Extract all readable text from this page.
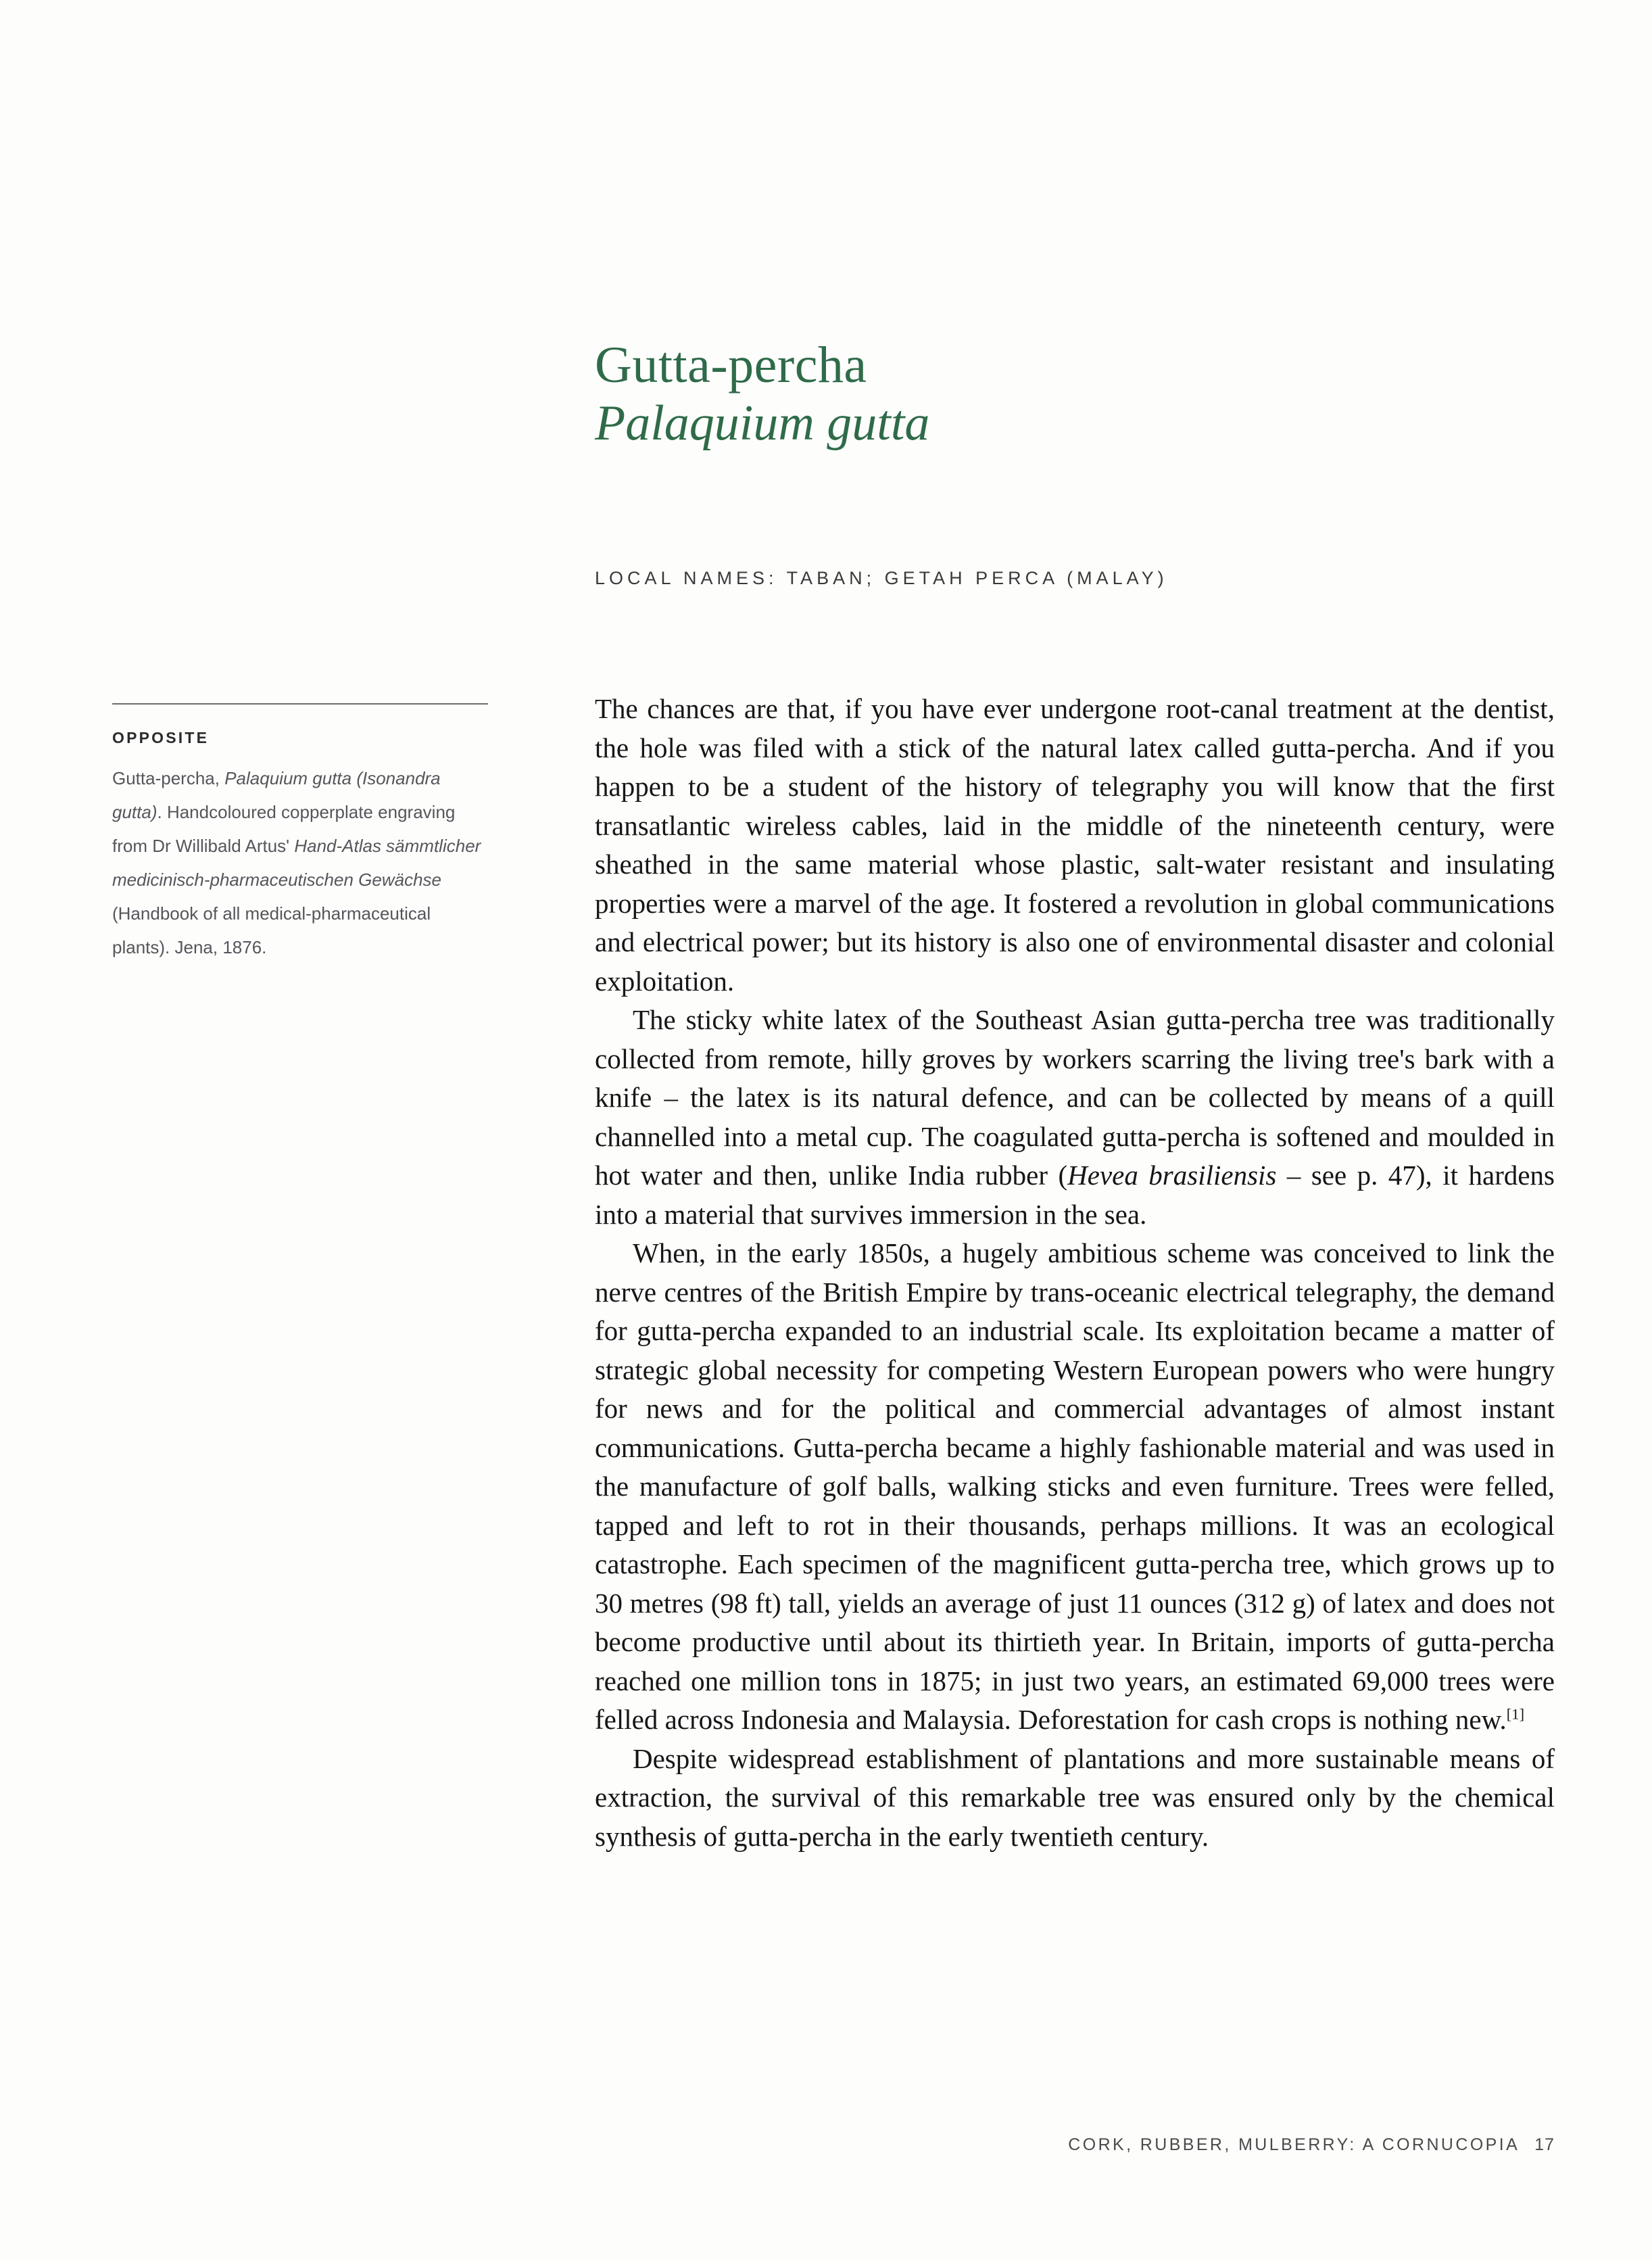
Gutta-percha
Palaquium gutta
LOCAL NAMES: TABAN; GETAH PERCA (MALAY)
OPPOSITE
Gutta-percha, Palaquium gutta (Isonandra gutta). Handcoloured copperplate engraving from Dr Willibald Artus' Hand-Atlas sämmtlicher medicinisch-pharmaceutischen Gewächse (Handbook of all medical-pharmaceutical plants). Jena, 1876.

The chances are that, if you have ever undergone root-canal treatment at the dentist, the hole was filed with a stick of the natural latex called gutta-percha. And if you happen to be a student of the history of telegraphy you will know that the first transatlantic wireless cables, laid in the middle of the nineteenth century, were sheathed in the same material whose plastic, salt-water resistant and insulating properties were a marvel of the age. It fostered a revolution in global communications and electrical power; but its history is also one of environmental disaster and colonial exploitation.

The sticky white latex of the Southeast Asian gutta-percha tree was traditionally collected from remote, hilly groves by workers scarring the living tree's bark with a knife – the latex is its natural defence, and can be collected by means of a quill channelled into a metal cup. The coagulated gutta-percha is softened and moulded in hot water and then, unlike India rubber (Hevea brasiliensis – see p. 47), it hardens into a material that survives immersion in the sea.

When, in the early 1850s, a hugely ambitious scheme was conceived to link the nerve centres of the British Empire by trans-oceanic electrical telegraphy, the demand for gutta-percha expanded to an industrial scale. Its exploitation became a matter of strategic global necessity for competing Western European powers who were hungry for news and for the political and commercial advantages of almost instant communications. Gutta-percha became a highly fashionable material and was used in the manufacture of golf balls, walking sticks and even furniture. Trees were felled, tapped and left to rot in their thousands, perhaps millions. It was an ecological catastrophe. Each specimen of the magnificent gutta-percha tree, which grows up to 30 metres (98 ft) tall, yields an average of just 11 ounces (312 g) of latex and does not become productive until about its thirtieth year. In Britain, imports of gutta-percha reached one million tons in 1875; in just two years, an estimated 69,000 trees were felled across Indonesia and Malaysia. Deforestation for cash crops is nothing new.[1]

Despite widespread establishment of plantations and more sustainable means of extraction, the survival of this remarkable tree was ensured only by the chemical synthesis of gutta-percha in the early twentieth century.

CORK, RUBBER, MULBERRY: A CORNUCOPIA 17
